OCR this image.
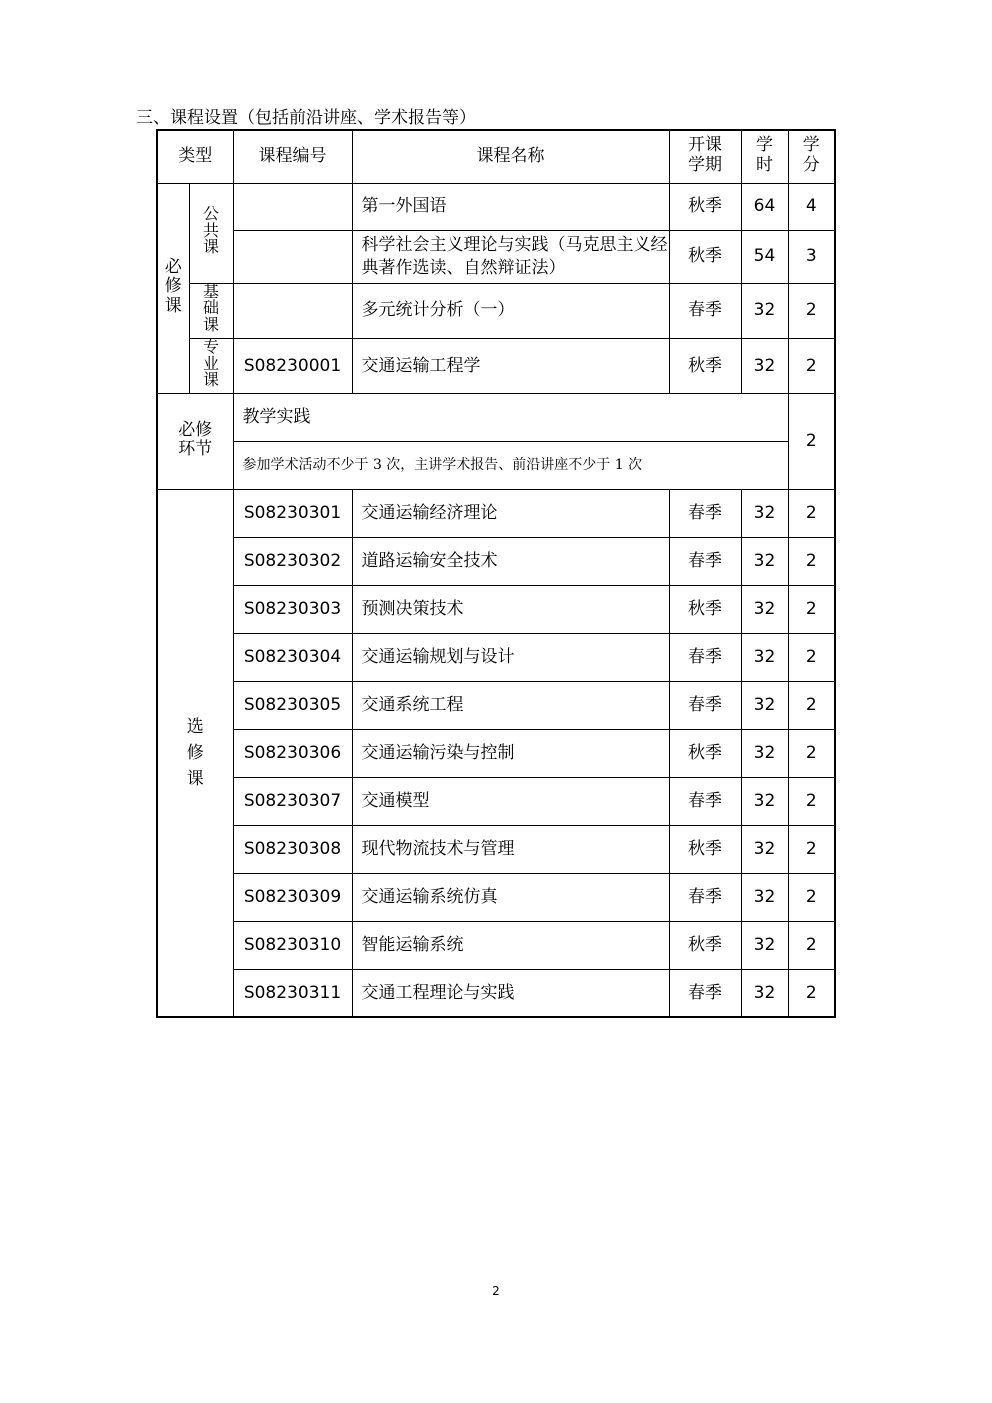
三、课程设置（包括前沿讲座、学术报告等）
类型		课程编号	课程名称	开课学期	学时	学分
必修课	公共课		第一外国语	秋季	64	4
			科学社会主义理论与实践（马克思主义经典著作选读、自然辩证法）	秋季	54	3
	基础课		多元统计分析（一）	春季	32	2
	专业课	S08230001	交通运输工程学	秋季	32	2
必修环节		教学实践				2
		参加学术活动不少于 3 次，主讲学术报告、前沿讲座不少于 1 次				
选修课		S08230301	交通运输经济理论	春季	32	2
		S08230302	道路运输安全技术	春季	32	2
		S08230303	预测决策技术	秋季	32	2
		S08230304	交通运输规划与设计	春季	32	2
		S08230305	交通系统工程	春季	32	2
		S08230306	交通运输污染与控制	秋季	32	2
		S08230307	交通模型	春季	32	2
		S08230308	现代物流技术与管理	秋季	32	2
		S08230309	交通运输系统仿真	春季	32	2
		S08230310	智能运输系统	秋季	32	2
		S08230311	交通工程理论与实践	春季	32	2
2
